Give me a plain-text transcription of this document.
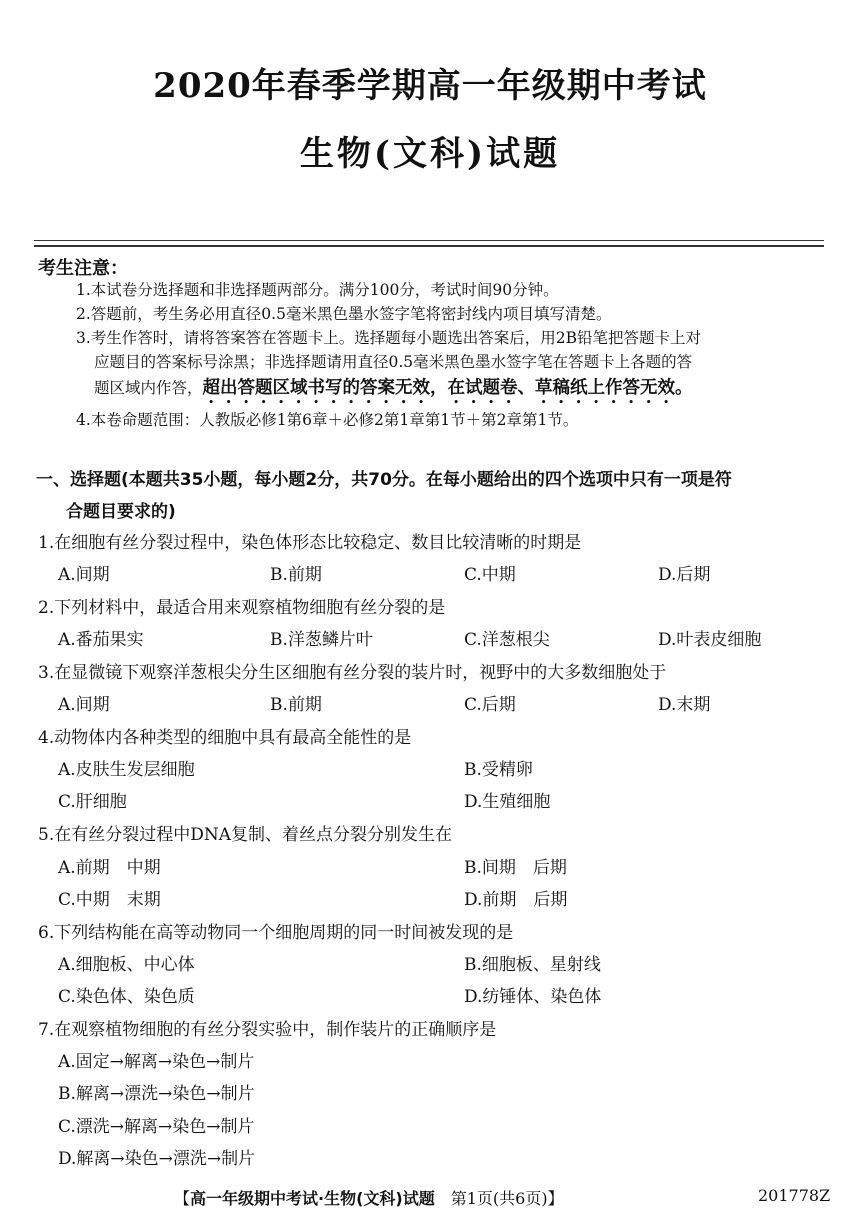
2020年春季学期高一年级期中考试
生物(文科)试题
考生注意：
1.本试卷分选择题和非选择题两部分。满分100分，考试时间90分钟。
2.答题前，考生务必用直径0.5毫米黑色墨水签字笔将密封线内项目填写清楚。
3.考生作答时，请将答案答在答题卡上。选择题每小题选出答案后，用2B铅笔把答题卡上对
应题目的答案标号涂黑；非选择题请用直径0.5毫米黑色墨水签字笔在答题卡上各题的答
题区域内作答，超出答题区域书写的答案无效，在试题卷、草稿纸上作答无效。
4.本卷命题范围：人教版必修1第6章＋必修2第1章第1节＋第2章第1节。
一、选择题(本题共35小题，每小题2分，共70分。在每小题给出的四个选项中只有一项是符
合题目要求的)
1.在细胞有丝分裂过程中，染色体形态比较稳定、数目比较清晰的时期是
A.间期	B.前期	C.中期	D.后期
2.下列材料中，最适合用来观察植物细胞有丝分裂的是
A.番茄果实	B.洋葱鳞片叶	C.洋葱根尖	D.叶表皮细胞
3.在显微镜下观察洋葱根尖分生区细胞有丝分裂的装片时，视野中的大多数细胞处于
A.间期	B.前期	C.后期	D.末期
4.动物体内各种类型的细胞中具有最高全能性的是
A.皮肤生发层细胞	B.受精卵
C.肝细胞	D.生殖细胞
5.在有丝分裂过程中DNA复制、着丝点分裂分别发生在
A.前期　中期	B.间期　后期
C.中期　末期	D.前期　后期
6.下列结构能在高等动物同一个细胞周期的同一时间被发现的是
A.细胞板、中心体	B.细胞板、星射线
C.染色体、染色质	D.纺锤体、染色体
7.在观察植物细胞的有丝分裂实验中，制作装片的正确顺序是
A.固定→解离→染色→制片
B.解离→漂洗→染色→制片
C.漂洗→解离→染色→制片
D.解离→染色→漂洗→制片
【高一年级期中考试·生物(文科)试题　第1页(共6页)】	201778Z
